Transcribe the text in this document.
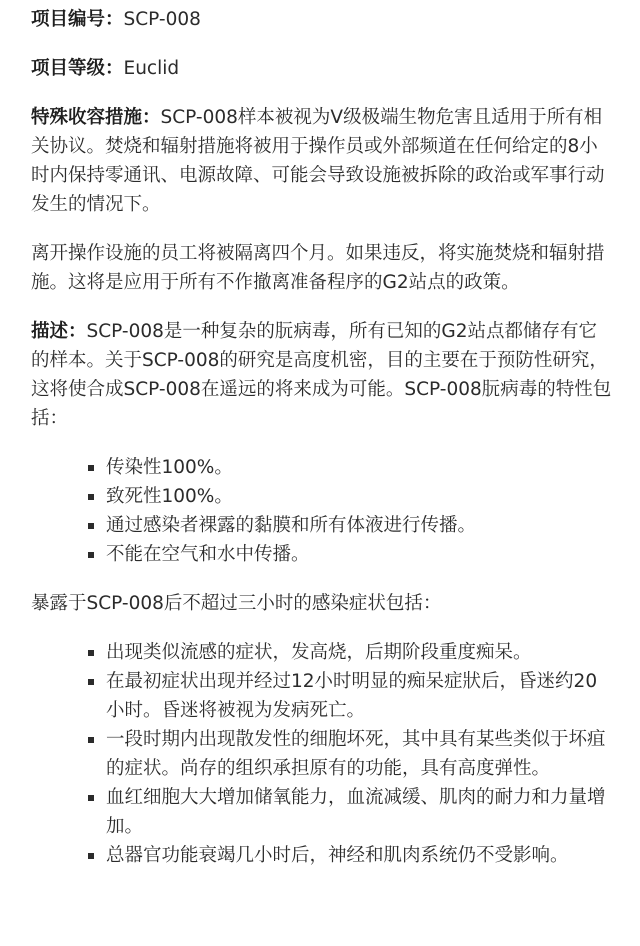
项目编号：SCP-008

项目等级：Euclid

特殊收容措施：SCP-008样本被视为V级极端生物危害且适用于所有相关协议。焚烧和辐射措施将被用于操作员或外部频道在任何给定的8小时内保持零通讯、电源故障、可能会导致设施被拆除的政治或军事行动发生的情况下。

离开操作设施的员工将被隔离四个月。如果违反，将实施焚烧和辐射措施。这将是应用于所有不作撤离准备程序的G2站点的政策。

描述：SCP-008是一种复杂的朊病毒，所有已知的G2站点都储存有它的样本。关于SCP-008的研究是高度机密，目的主要在于预防性研究，这将使合成SCP-008在遥远的将来成为可能。SCP-008朊病毒的特性包括：

传染性100%。
致死性100%。
通过感染者裸露的黏膜和所有体液进行传播。
不能在空气和水中传播。

暴露于SCP-008后不超过三小时的感染症状包括：

出现类似流感的症状，发高烧，后期阶段重度痴呆。
在最初症状出现并经过12小时明显的痴呆症狀后，昏迷约20小时。昏迷将被视为发病死亡。
一段时期内出现散发性的细胞坏死，其中具有某些类似于坏疽的症状。尚存的组织承担原有的功能，具有高度弹性。
血红细胞大大增加储氧能力，血流减缓、肌肉的耐力和力量增加。
总器官功能衰竭几小时后，神经和肌肉系统仍不受影响。
